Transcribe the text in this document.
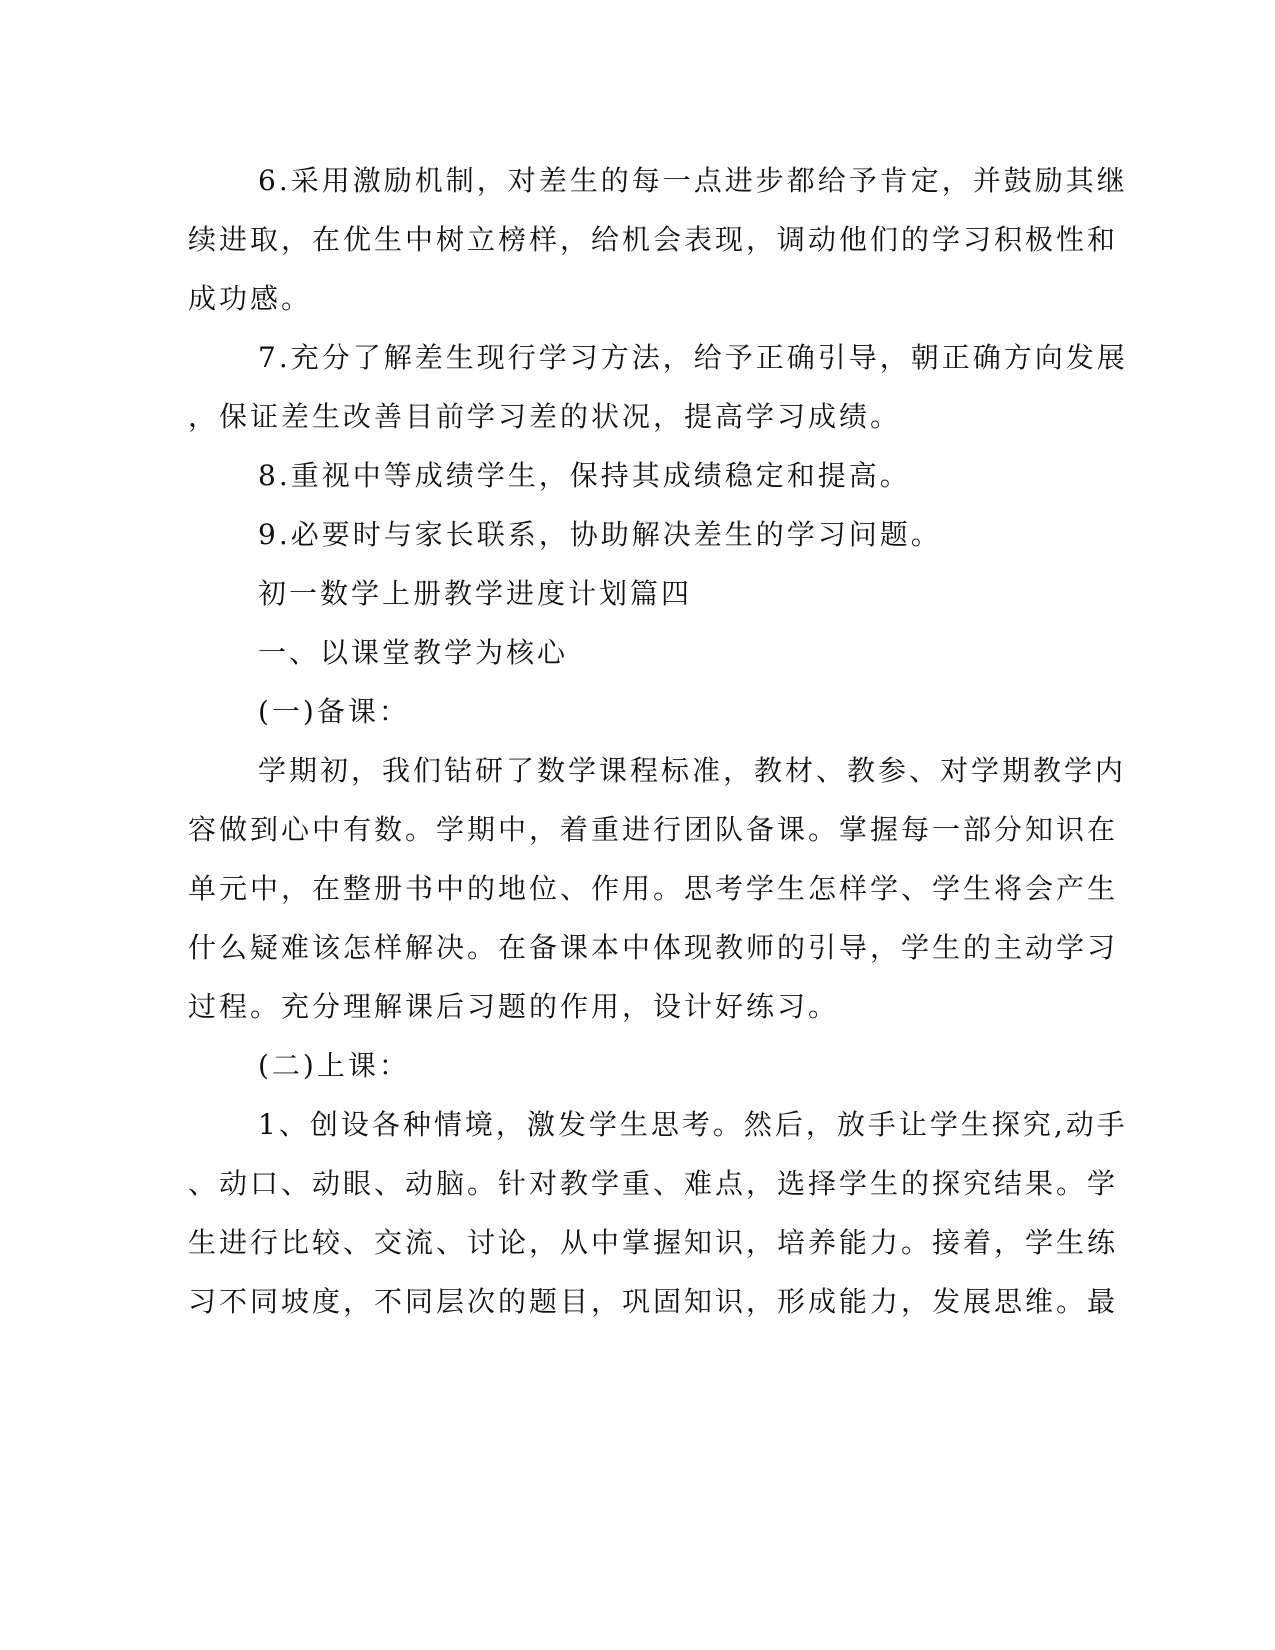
6.采用激励机制，对差生的每一点进步都给予肯定，并鼓励其继
续进取，在优生中树立榜样，给机会表现，调动他们的学习积极性和
成功感。
7.充分了解差生现行学习方法，给予正确引导，朝正确方向发展
，保证差生改善目前学习差的状况，提高学习成绩。
8.重视中等成绩学生，保持其成绩稳定和提高。
9.必要时与家长联系，协助解决差生的学习问题。
初一数学上册教学进度计划篇四
一、以课堂教学为核心
(一)备课：
学期初，我们钻研了数学课程标准，教材、教参、对学期教学内
容做到心中有数。学期中，着重进行团队备课。掌握每一部分知识在
单元中，在整册书中的地位、作用。思考学生怎样学、学生将会产生
什么疑难该怎样解决。在备课本中体现教师的引导，学生的主动学习
过程。充分理解课后习题的作用，设计好练习。
(二)上课：
1、创设各种情境，激发学生思考。然后，放手让学生探究,动手
、动口、动眼、动脑。针对教学重、难点，选择学生的探究结果。学
生进行比较、交流、讨论，从中掌握知识，培养能力。接着，学生练
习不同坡度，不同层次的题目，巩固知识，形成能力，发展思维。最
